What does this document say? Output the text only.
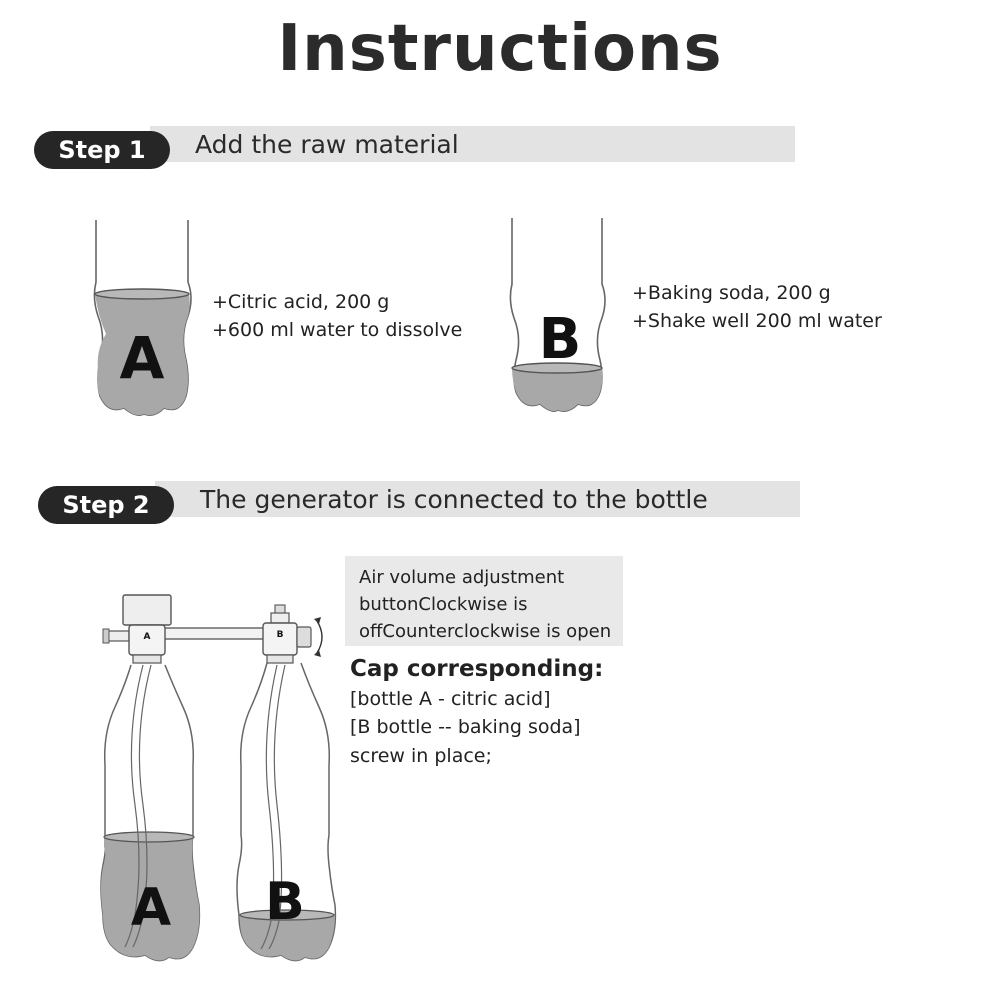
Instructions
Step 1	Add the raw material
A
+Citric acid, 200 g
+600 ml water to dissolve B
+Baking soda, 200 g
+Shake well 200 ml water
Step 2	The generator is connected to the bottle
Air volume adjustment
buttonClockwise is
offCounterclockwise is open
Cap corresponding:
[bottle A - citric acid]
[B bottle -- baking soda]
screw in place;
A	B
A B
